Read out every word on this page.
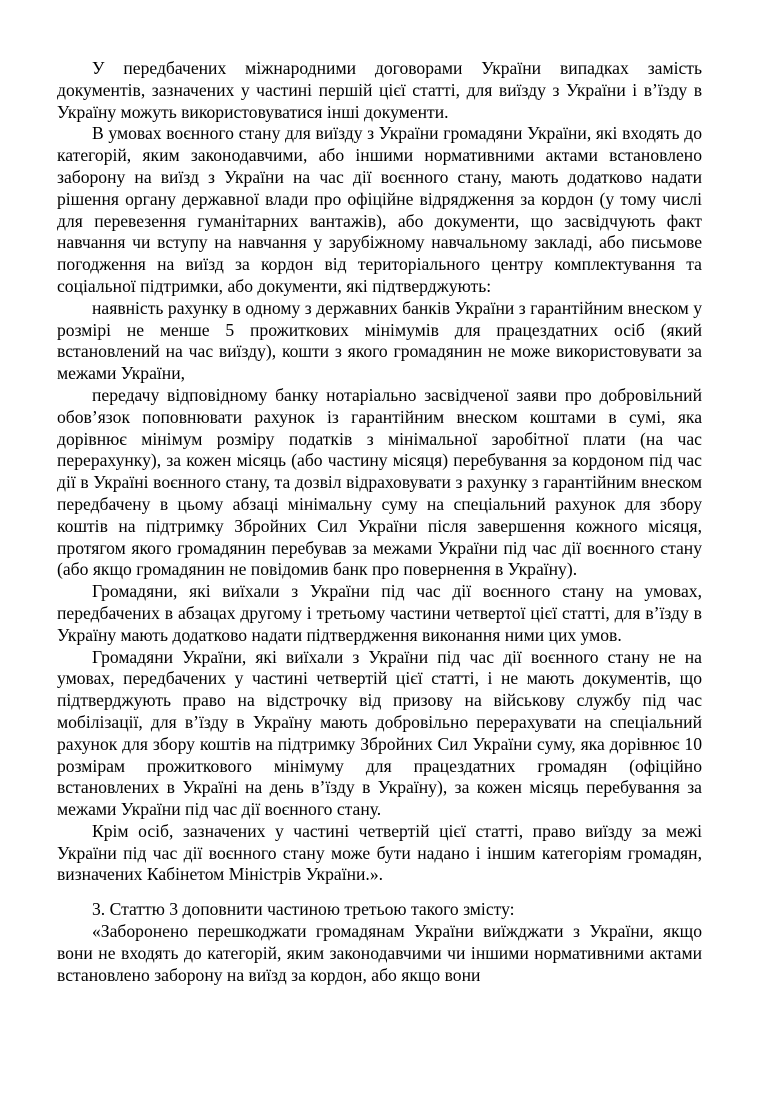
У передбачених міжнародними договорами України випадках замість документів, зазначених у частині першій цієї статті, для виїзду з України і в’їзду в Україну можуть використовуватися інші документи.

В умовах воєнного стану для виїзду з України громадяни України, які входять до категорій, яким законодавчими, або іншими нормативними актами встановлено заборону на виїзд з України на час дії воєнного стану, мають додатково надати рішення органу державної влади про офіційне відрядження за кордон (у тому числі для перевезення гуманітарних вантажів), або документи, що засвідчують факт навчання чи вступу на навчання у зарубіжному навчальному закладі, або письмове погодження на виїзд за кордон від територіального центру комплектування та соціальної підтримки, або документи, які підтверджують:

наявність рахунку в одному з державних банків України з гарантійним внеском у розмірі не менше 5 прожиткових мінімумів для працездатних осіб (який встановлений на час виїзду), кошти з якого громадянин не може використовувати за межами України,

передачу відповідному банку нотаріально засвідченої заяви про добровільний обов’язок поповнювати рахунок із гарантійним внеском коштами в сумі, яка дорівнює мінімум розміру податків з мінімальної заробітної плати (на час перерахунку), за кожен місяць (або частину місяця) перебування за кордоном під час дії в Україні воєнного стану, та дозвіл відраховувати з рахунку з гарантійним внеском передбачену в цьому абзаці мінімальну суму на спеціальний рахунок для збору коштів на підтримку Збройних Сил України після завершення кожного місяця, протягом якого громадянин перебував за межами України під час дії воєнного стану (або якщо громадянин не повідомив банк про повернення в Україну).

Громадяни, які виїхали з України під час дії воєнного стану на умовах, передбачених в абзацах другому і третьому частини четвертої цієї статті, для в’їзду в Україну мають додатково надати підтвердження виконання ними цих умов.

Громадяни України, які виїхали з України під час дії воєнного стану не на умовах, передбачених у частині четвертій цієї статті, і не мають документів, що підтверджують право на відстрочку від призову на військову службу під час мобілізації, для в’їзду в Україну мають добровільно перерахувати на спеціальний рахунок для збору коштів на підтримку Збройних Сил України суму, яка дорівнює 10 розмірам прожиткового мінімуму для працездатних громадян (офіційно встановлених в Україні на день в’їзду в Україну), за кожен місяць перебування за межами України під час дії воєнного стану.

Крім осіб, зазначених у частині четвертій цієї статті, право виїзду за межі України під час дії воєнного стану може бути надано і іншим категоріям громадян, визначених Кабінетом Міністрів України.».

3. Статтю 3 доповнити частиною третьою такого змісту:

«Заборонено перешкоджати громадянам України виїжджати з України, якщо вони не входять до категорій, яким законодавчими чи іншими нормативними актами встановлено заборону на виїзд за кордон, або якщо вони
